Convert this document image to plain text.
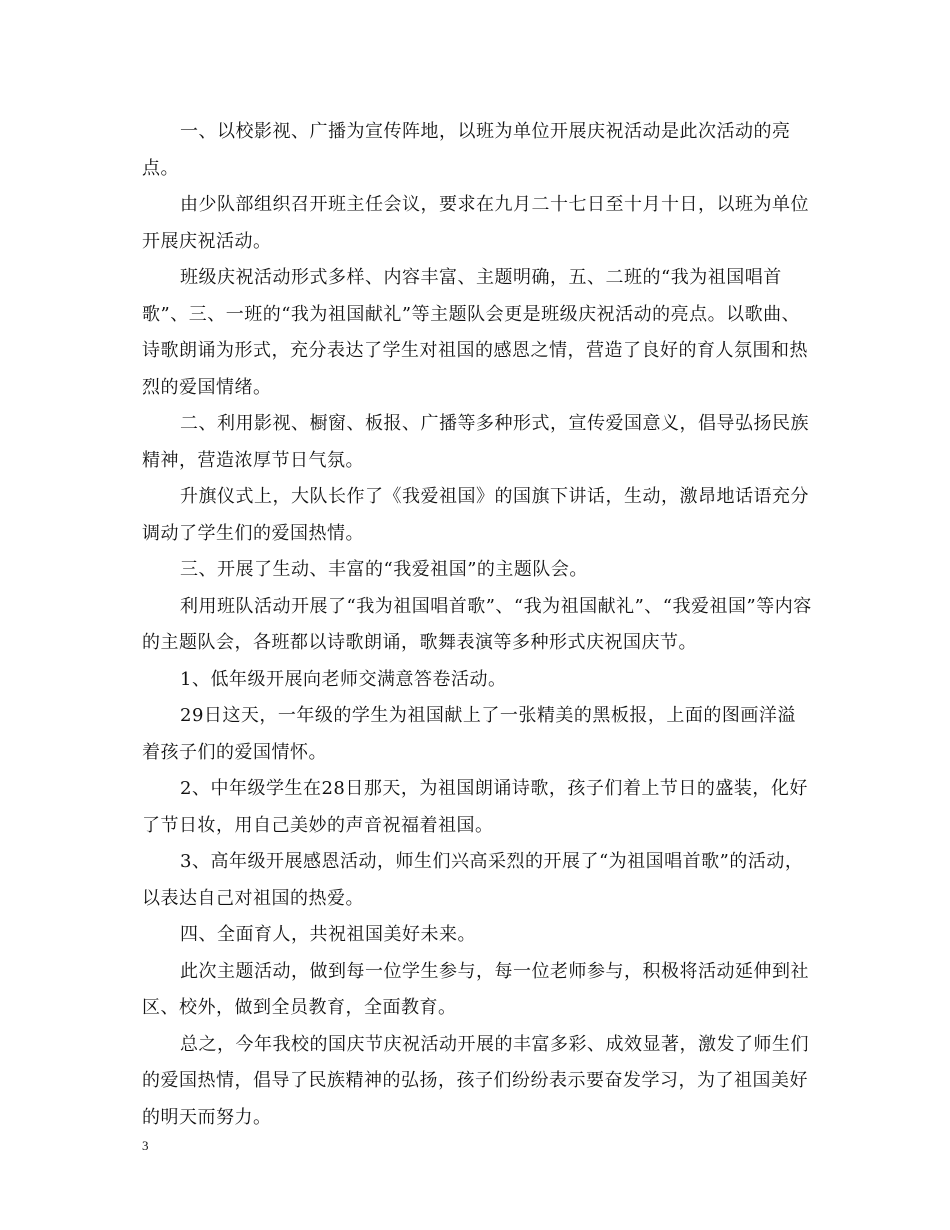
一、以校影视、广播为宣传阵地，以班为单位开展庆祝活动是此次活动的亮点。

由少队部组织召开班主任会议，要求在九月二十七日至十月十日，以班为单位开展庆祝活动。

班级庆祝活动形式多样、内容丰富、主题明确，五、二班的“我为祖国唱首歌”、三、一班的“我为祖国献礼”等主题队会更是班级庆祝活动的亮点。以歌曲、诗歌朗诵为形式，充分表达了学生对祖国的感恩之情，营造了良好的育人氛围和热烈的爱国情绪。

二、利用影视、橱窗、板报、广播等多种形式，宣传爱国意义，倡导弘扬民族精神，营造浓厚节日气氛。

升旗仪式上，大队长作了《我爱祖国》的国旗下讲话，生动，激昂地话语充分调动了学生们的爱国热情。

三、开展了生动、丰富的“我爱祖国”的主题队会。

利用班队活动开展了“我为祖国唱首歌”、“我为祖国献礼”、“我爱祖国”等内容的主题队会，各班都以诗歌朗诵，歌舞表演等多种形式庆祝国庆节。

1、低年级开展向老师交满意答卷活动。

29日这天，一年级的学生为祖国献上了一张精美的黑板报，上面的图画洋溢着孩子们的爱国情怀。

2、中年级学生在28日那天，为祖国朗诵诗歌，孩子们着上节日的盛装，化好了节日妆，用自己美妙的声音祝福着祖国。

3、高年级开展感恩活动，师生们兴高采烈的开展了“为祖国唱首歌”的活动，以表达自己对祖国的热爱。

四、全面育人，共祝祖国美好未来。

此次主题活动，做到每一位学生参与，每一位老师参与，积极将活动延伸到社区、校外，做到全员教育，全面教育。

总之，今年我校的国庆节庆祝活动开展的丰富多彩、成效显著，激发了师生们的爱国热情，倡导了民族精神的弘扬，孩子们纷纷表示要奋发学习，为了祖国美好的明天而努力。

3
